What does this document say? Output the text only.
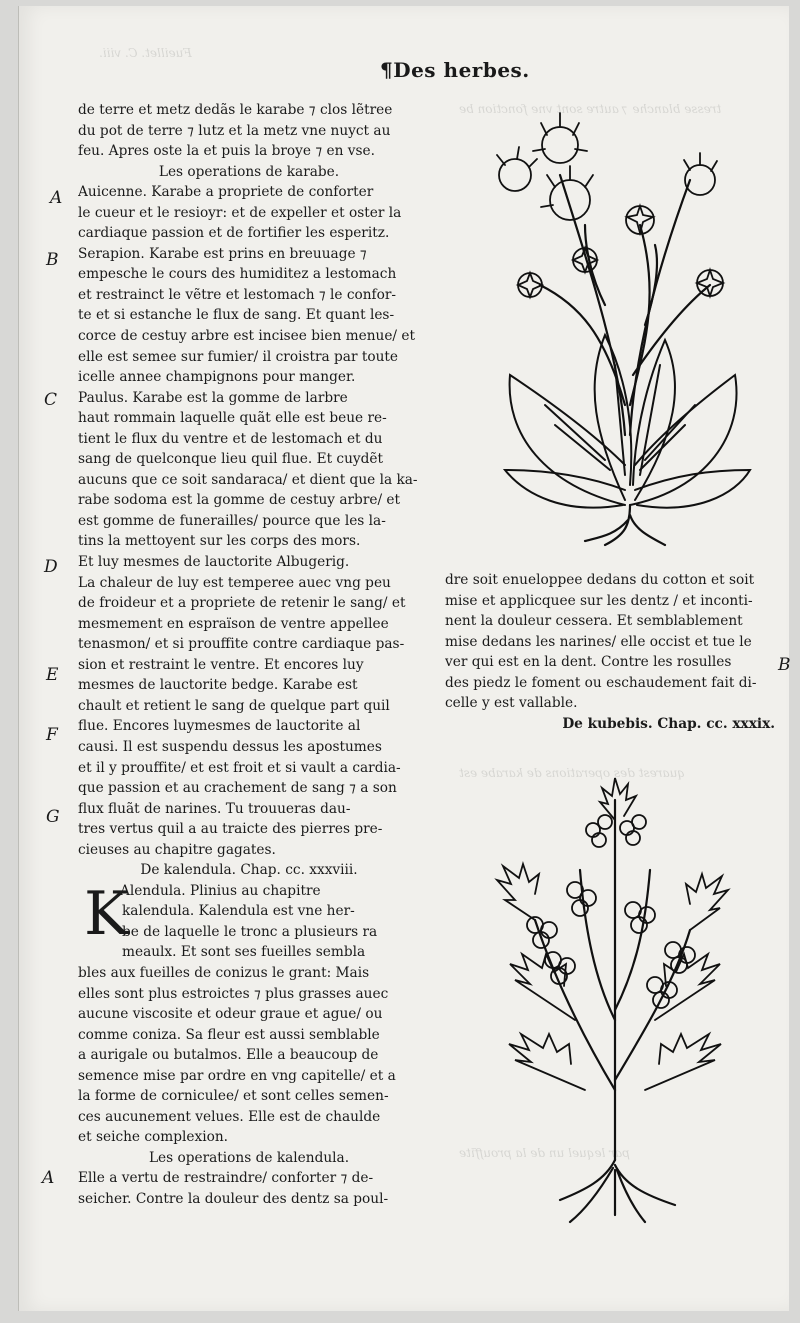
Fueillet. C. viii.
tresse blanche ⁊ autre sont vne fonction be
quarest des operations de karabe est
par lequel un de la prouffite
¶Des herbes.
de terre et metz dedãs le karabe ⁊ clos lẽtree
du pot de terre ⁊ lutz et la metz vne nuyct au
feu. Apres oste la et puis la broye ⁊ en vse.
Les operations de karabe.
Auicenne. Karabe a propriete de conforter
le cueur et le resioyr: et de expeller et oster la
cardiaque passion et de fortifier les esperitz.
Serapion. Karabe est prins en breuuage ⁊
empesche le cours des humiditez a lestomach
et restrainct le vẽtre et lestomach ⁊ le confor-
te et si estanche le flux de sang. Et quant les-
corce de cestuy arbre est incisee bien menue/ et
elle est semee sur fumier/ il croistra par toute
icelle annee champignons pour manger.
Paulus. Karabe est la gomme de larbre
haut rommain laquelle quãt elle est beue re-
tient le flux du ventre et de lestomach et du
sang de quelconque lieu quil flue. Et cuydẽt
aucuns que ce soit sandaraca/ et dient que la ka-
rabe sodoma est la gomme de cestuy arbre/ et
est gomme de funerailles/ pource que les la-
tins la mettoyent sur les corps des mors.
Et luy mesmes de lauctorite Albugerig.
La chaleur de luy est temperee auec vng peu
de froideur et a propriete de retenir le sang/ et
mesmement en espraïson de ventre appellee
tenasmon/ et si prouffite contre cardiaque pas-
sion et restraint le ventre. Et encores luy
mesmes de lauctorite bedge. Karabe est
chault et retient le sang de quelque part quil
flue. Encores luymesmes de lauctorite al
causi. Il est suspendu dessus les apostumes
et il y prouffite/ et est froit et si vault a cardia-
que passion et au crachement de sang ⁊ a son
flux fluãt de narines. Tu trouueras dau-
tres vertus quil a au traicte des pierres pre-
cieuses au chapitre gagates.
De kalendula. Chap. cc. xxxviii.
Alendula. Plinius au chapitre
kalendula. Kalendula est vne her-
be de laquelle le tronc a plusieurs ra
meaulx. Et sont ses fueilles sembla
bles aux fueilles de conizus le grant: Mais
elles sont plus estroictes ⁊ plus grasses auec
aucune viscosite et odeur graue et ague/ ou
comme coniza. Sa fleur est aussi semblable
a aurigale ou butalmos. Elle a beaucoup de
semence mise par ordre en vng capitelle/ et a
la forme de corniculee/ et sont celles semen-
ces aucunement velues. Elle est de chaulde
et seiche complexion.
Les operations de kalendula.
Elle a vertu de restraindre/ conforter ⁊ de-
seicher. Contre la douleur des dentz sa poul-
K
A
B
C
D
E
F
G
A
dre soit enueloppee dedans du cotton et soit
mise et applicquee sur les dentz / et inconti-
nent la douleur cessera. Et semblablement
mise dedans les narines/ elle occist et tue le
ver qui est en la dent. Contre les rosulles
des piedz le foment ou eschaudement fait di-
celle y est vallable.
De kubebis. Chap. cc. xxxix.
B
